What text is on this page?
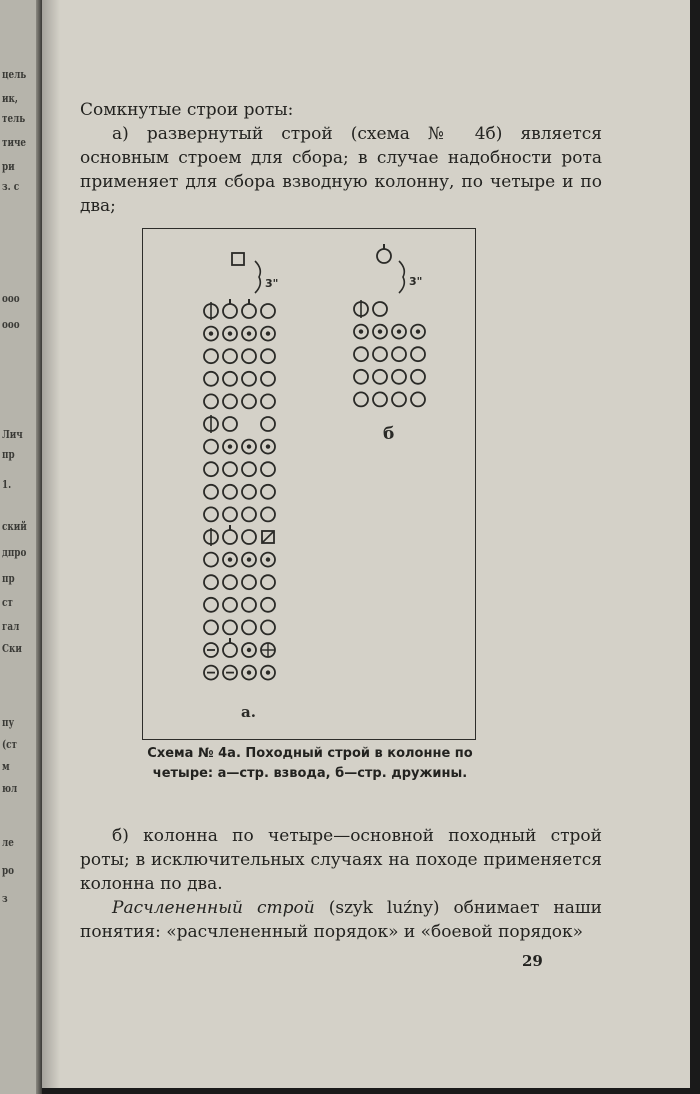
цель
ик,
тель
тиче
ри
з. с
ооо
ооо
Лич
пр
1.
ский
дпро
пр
ст
гал
Ски
пу
(ст
м
юл
ле
ро
з
Сомкнутые строи роты:
а) развернутый строй (схема № 4б) является основным строем для сбора; в случае надобности рота применяет для сбора взводную колонну, по четыре и по два;
3"
а.
3"
б
Схема № 4а. Походный строй в колонне по четыре: а—стр. взвода, б—стр. дружины.
б) колонна по четыре—основной походный строй роты; в исключительных случаях на походе применяется колонна по два.
Расчлененный строй (szyk luźny) обнимает наши понятия: «расчлененный порядок» и «боевой порядок»
29
